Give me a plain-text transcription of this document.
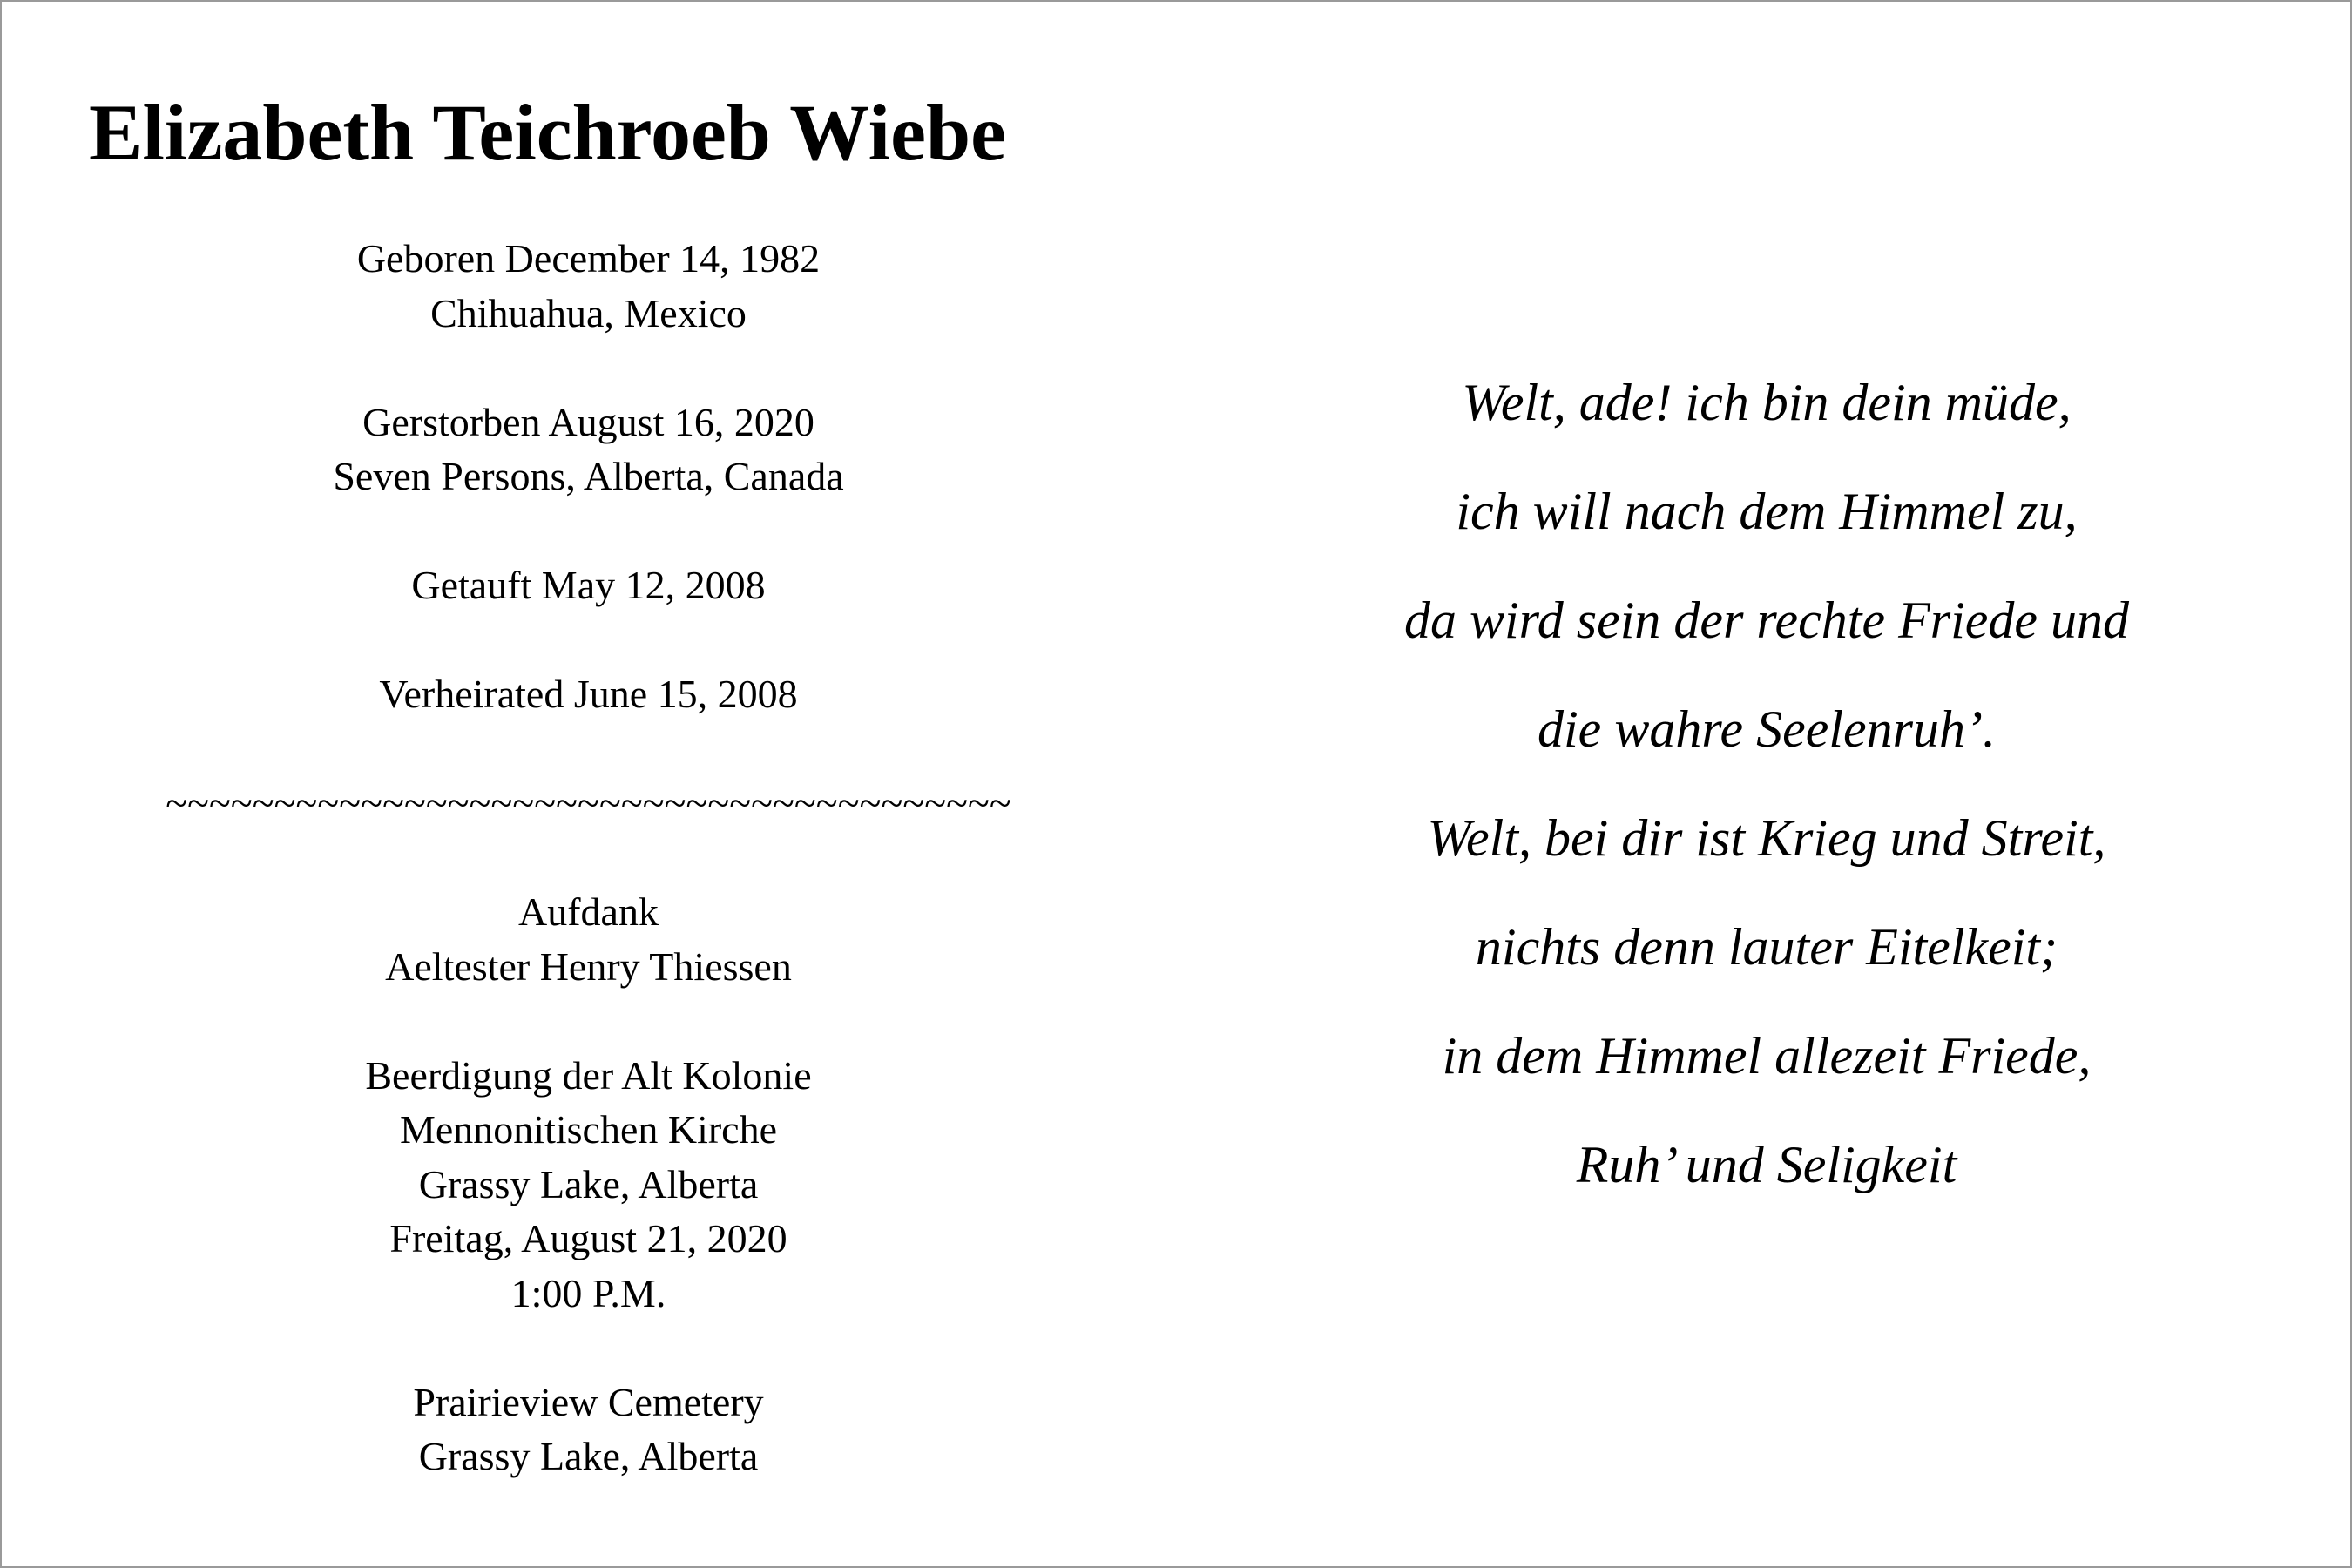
Elizabeth Teichroeb Wiebe
Geboren December 14, 1982
Chihuahua, Mexico
Gerstorben August 16, 2020
Seven Persons, Alberta, Canada
Getauft May 12, 2008
Verheirated June 15, 2008
~~~~~~~~~~~~~~~~~~~~~~~~~~~~~~~~~~~~~~~
Aufdank
Aeltester Henry Thiessen
Beerdigung der Alt Kolonie
Mennonitischen Kirche
Grassy Lake, Alberta
Freitag, August 21, 2020
1:00 P.M.
Prairieview Cemetery
Grassy Lake, Alberta
Welt, ade! ich bin dein müde,
ich will nach dem Himmel zu,
da wird sein der rechte Friede und
die wahre Seelenruh’.
Welt, bei dir ist Krieg und Streit,
nichts denn lauter Eitelkeit;
in dem Himmel allezeit Friede,
Ruh’ und Seligkeit
